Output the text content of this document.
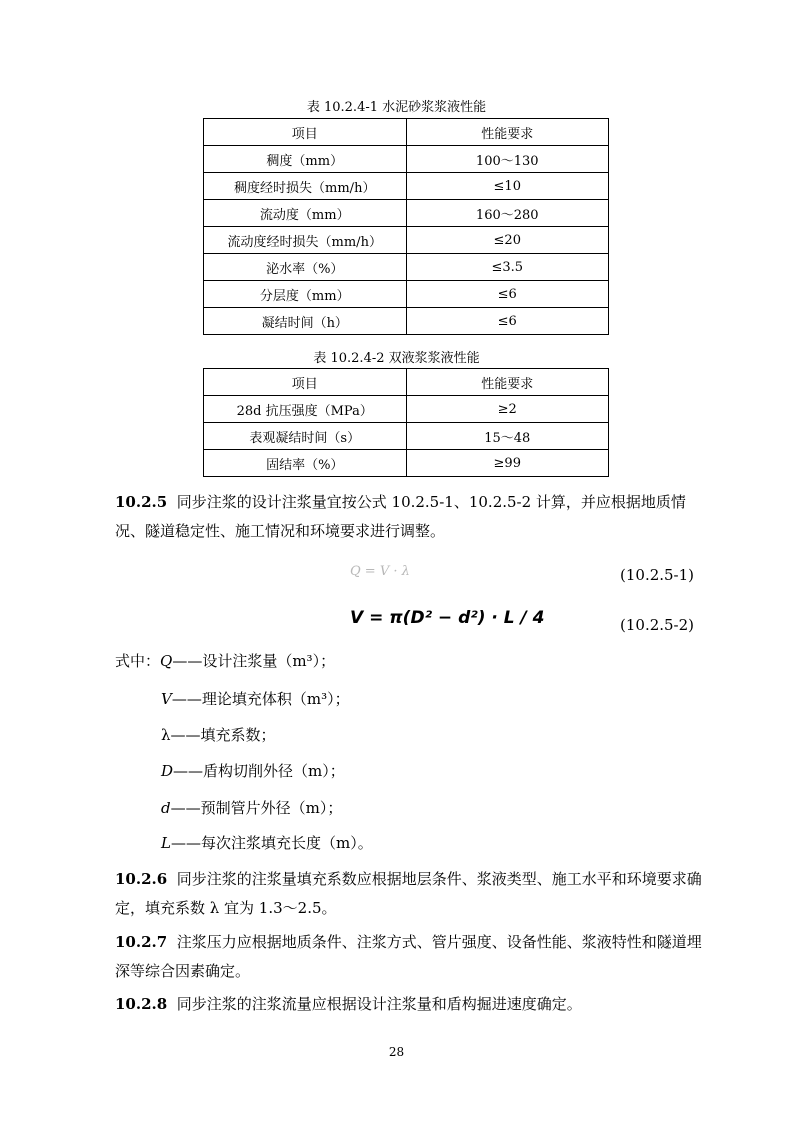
表 10.2.4-1 水泥砂浆浆液性能
项目	性能要求
稠度（mm）	100～130
稠度经时损失（mm/h）	≤10
流动度（mm）	160～280
流动度经时损失（mm/h）	≤20
泌水率（%）	≤3.5
分层度（mm）	≤6
凝结时间（h）	≤6
表 10.2.4-2 双液浆浆液性能
项目	性能要求
28d 抗压强度（MPa）	≥2
表观凝结时间（s）	15～48
固结率（%）	≥99
10.2.5 同步注浆的设计注浆量宜按公式 10.2.5-1、10.2.5-2 计算，并应根据地质情况、隧道稳定性、施工情况和环境要求进行调整。
Q = V · λ	(10.2.5-1)
V = π(D² − d²) · L / 4	(10.2.5-2)
式中：Q——设计注浆量（m³）；
V——理论填充体积（m³）；
λ——填充系数；
D——盾构切削外径（m）；
d——预制管片外径（m）；
L——每次注浆填充长度（m）。
10.2.6 同步注浆的注浆量填充系数应根据地层条件、浆液类型、施工水平和环境要求确定，填充系数 λ 宜为 1.3～2.5。
10.2.7 注浆压力应根据地质条件、注浆方式、管片强度、设备性能、浆液特性和隧道埋深等综合因素确定。
10.2.8 同步注浆的注浆流量应根据设计注浆量和盾构掘进速度确定。
28
